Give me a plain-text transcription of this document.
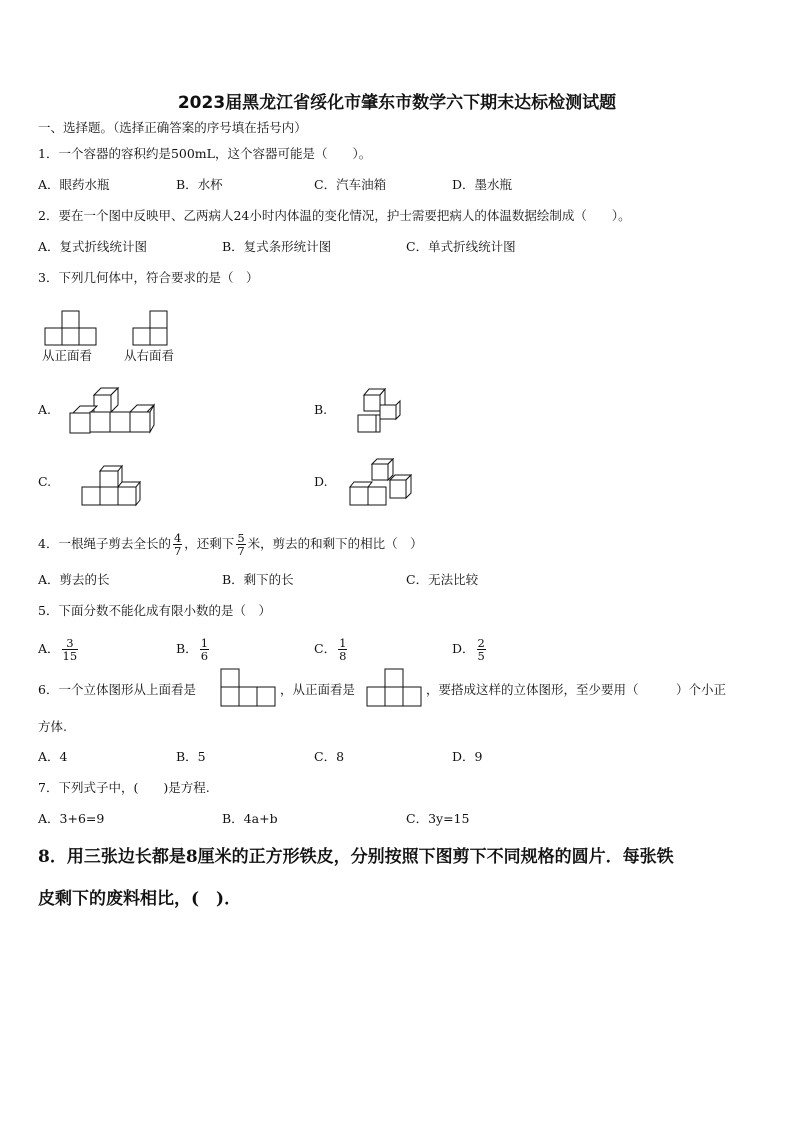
2023届黑龙江省绥化市肇东市数学六下期末达标检测试题
一、选择题。（选择正确答案的序号填在括号内）
1．一个容器的容积约是500mL，这个容器可能是（　　）。
A．眼药水瓶	B．水杯	C．汽车油箱	D．墨水瓶
2．要在一个图中反映甲、乙两病人24小时内体温的变化情况，护士需要把病人的体温数据绘制成（　　）。
A．复式折线统计图	B．复式条形统计图	C．单式折线统计图
3．下列几何体中，符合要求的是（　）
从正面看	从右面看
A.	B.
C.	D.
4．一根绳子剪去全长的 $\frac{4}{7}$ ，还剩下 $\frac{5}{7}$ 米，剪去的和剩下的相比（　）
A．剪去的长	B．剩下的长	C．无法比较
5．下面分数不能化成有限小数的是（　）
A． $\frac{3}{15}$	B． $\frac{1}{6}$	C． $\frac{1}{8}$	D． $\frac{2}{5}$
6．一个立体图形从上面看是	，从正面看是	，要搭成这样的立体图形，至少要用（　　　）个小正
方体.
A．4	B．5	C．8	D．9
7．下列式子中，(　　)是方程.
A．3+6=9	B．4a+b	C．3y=15
8．用三张边长都是8厘米的正方形铁皮，分别按照下图剪下不同规格的圆片．每张铁
皮剩下的废料相比，(　)．
